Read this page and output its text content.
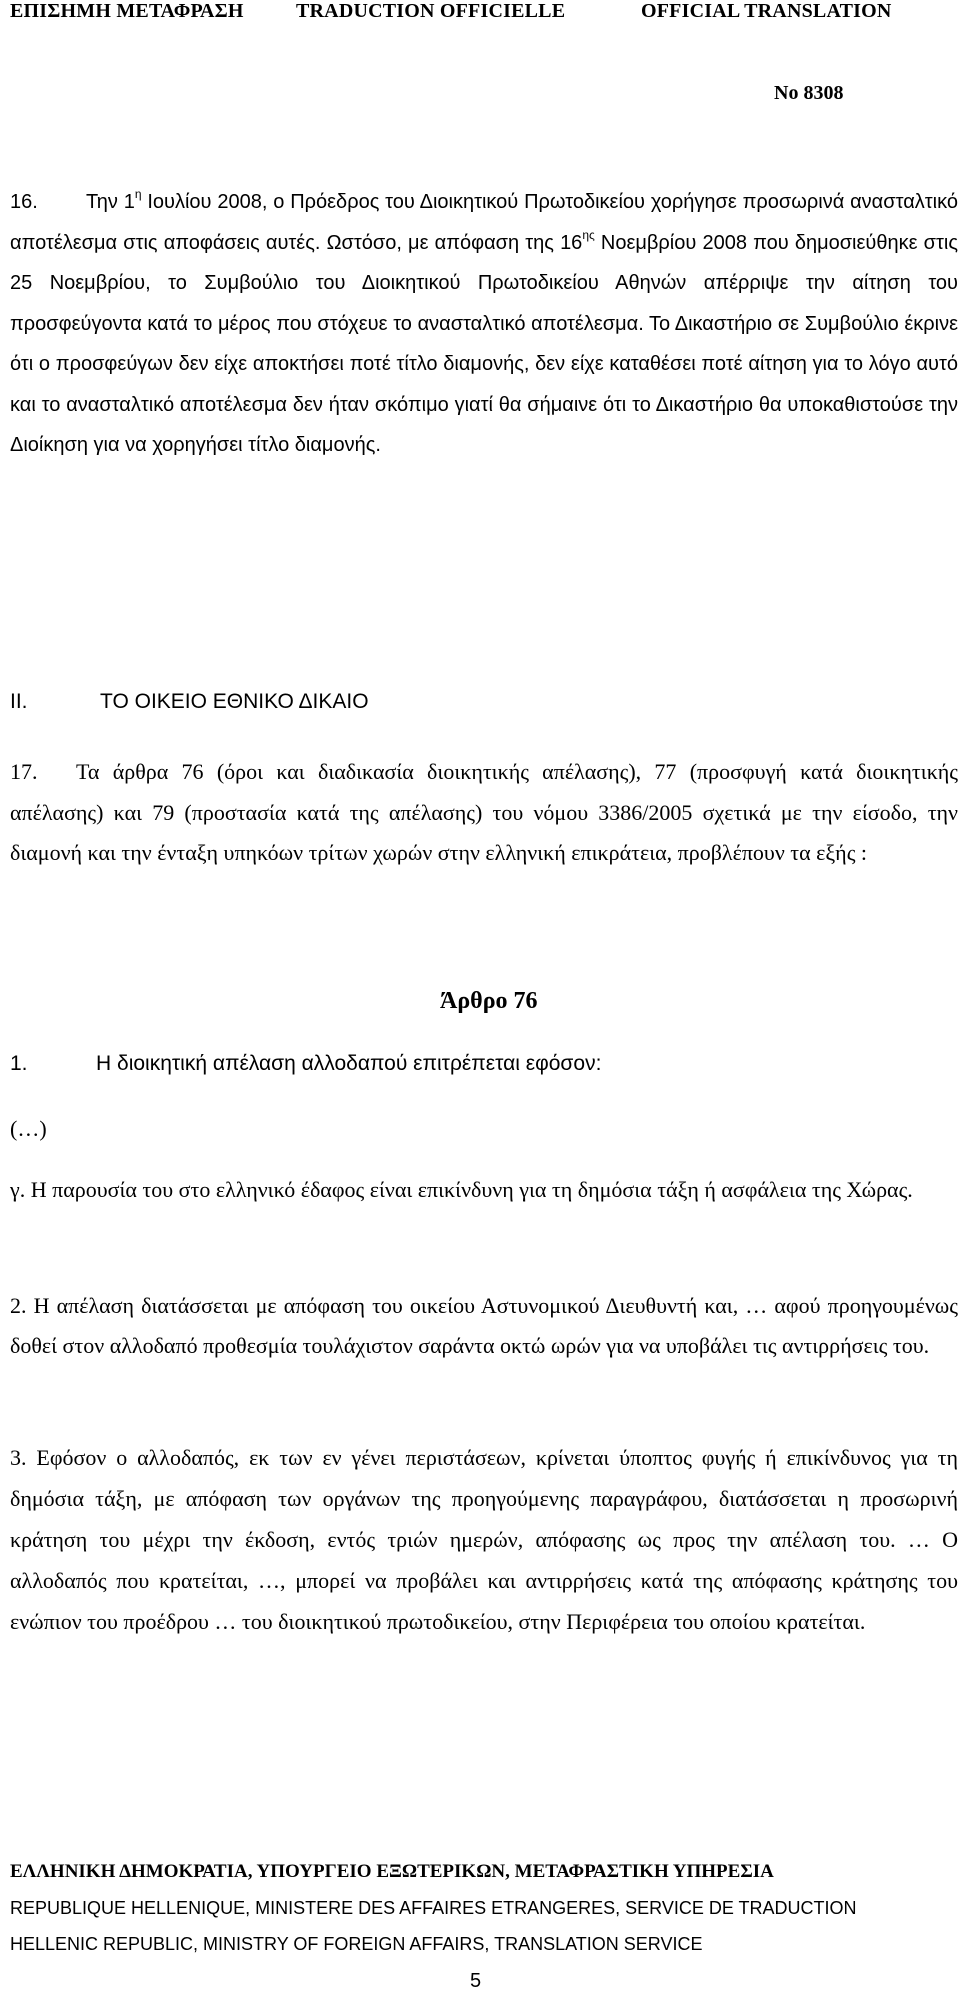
ΕΠΙΣΗΜΗ ΜΕΤΑΦΡΑΣΗ	TRADUCTION OFFICIELLE	OFFICIAL TRANSLATION
No 8308

16. Την $1^\eta$ Ιουλίου 2008, ο Πρόεδρος του Διοικητικού Πρωτοδικείου χορήγησε προσωρινά ανασταλτικό αποτέλεσμα στις αποφάσεις αυτές. Ωστόσο, με απόφαση της $16^{\eta\varsigma}$ Νοεμβρίου 2008 που δημοσιεύθηκε στις 25 Νοεμβρίου, το Συμβούλιο του Διοικητικού Πρωτοδικείου Αθηνών απέρριψε την αίτηση του προσφεύγοντα κατά το μέρος που στόχευε το ανασταλτικό αποτέλεσμα. Το Δικαστήριο σε Συμβούλιο έκρινε ότι ο προσφεύγων δεν είχε αποκτήσει ποτέ τίτλο διαμονής, δεν είχε καταθέσει ποτέ αίτηση για το λόγο αυτό και το ανασταλτικό αποτέλεσμα δεν ήταν σκόπιμο γιατί θα σήμαινε ότι το Δικαστήριο θα υποκαθιστούσε την Διοίκηση για να χορηγήσει τίτλο διαμονής.

II.	ΤΟ ΟΙΚΕΙΟ ΕΘΝΙΚΟ ΔΙΚΑΙΟ

17. Τα άρθρα 76 (όροι και διαδικασία διοικητικής απέλασης), 77 (προσφυγή κατά διοικητικής απέλασης) και 79 (προστασία κατά της απέλασης) του νόμου 3386/2005 σχετικά με την είσοδο, την διαμονή και την ένταξη υπηκόων τρίτων χωρών στην ελληνική επικράτεια, προβλέπουν τα εξής :

Άρθρο 76
1.	Η διοικητική απέλαση αλλοδαπού επιτρέπεται εφόσον:
(…)

γ. Η παρουσία του στο ελληνικό έδαφος είναι επικίνδυνη για τη δημόσια τάξη ή ασφάλεια της Χώρας.

2. Η απέλαση διατάσσεται με απόφαση του οικείου Αστυνομικού Διευθυντή και, … αφού προηγουμένως δοθεί στον αλλοδαπό προθεσμία τουλάχιστον σαράντα οκτώ ωρών για να υποβάλει τις αντιρρήσεις του.

3. Εφόσον ο αλλοδαπός, εκ των εν γένει περιστάσεων, κρίνεται ύποπτος φυγής ή επικίνδυνος για τη δημόσια τάξη, με απόφαση των οργάνων της προηγούμενης παραγράφου, διατάσσεται η προσωρινή κράτηση του μέχρι την έκδοση, εντός τριών ημερών, απόφασης ως προς την απέλαση του. … Ο αλλοδαπός που κρατείται, …, μπορεί να προβάλει και αντιρρήσεις κατά της απόφασης κράτησης του ενώπιον του προέδρου … του διοικητικού πρωτοδικείου, στην Περιφέρεια του οποίου κρατείται.

ΕΛΛΗΝΙΚΗ ΔΗΜΟΚΡΑΤΙΑ, ΥΠΟΥΡΓΕΙΟ ΕΞΩΤΕΡΙΚΩΝ, ΜΕΤΑΦΡΑΣΤΙΚΗ ΥΠΗΡΕΣΙΑ
REPUBLIQUE HELLENIQUE, MINISTERE DES AFFAIRES ETRANGERES, SERVICE DE TRADUCTION
HELLENIC REPUBLIC, MINISTRY OF FOREIGN AFFAIRS, TRANSLATION SERVICE
5
